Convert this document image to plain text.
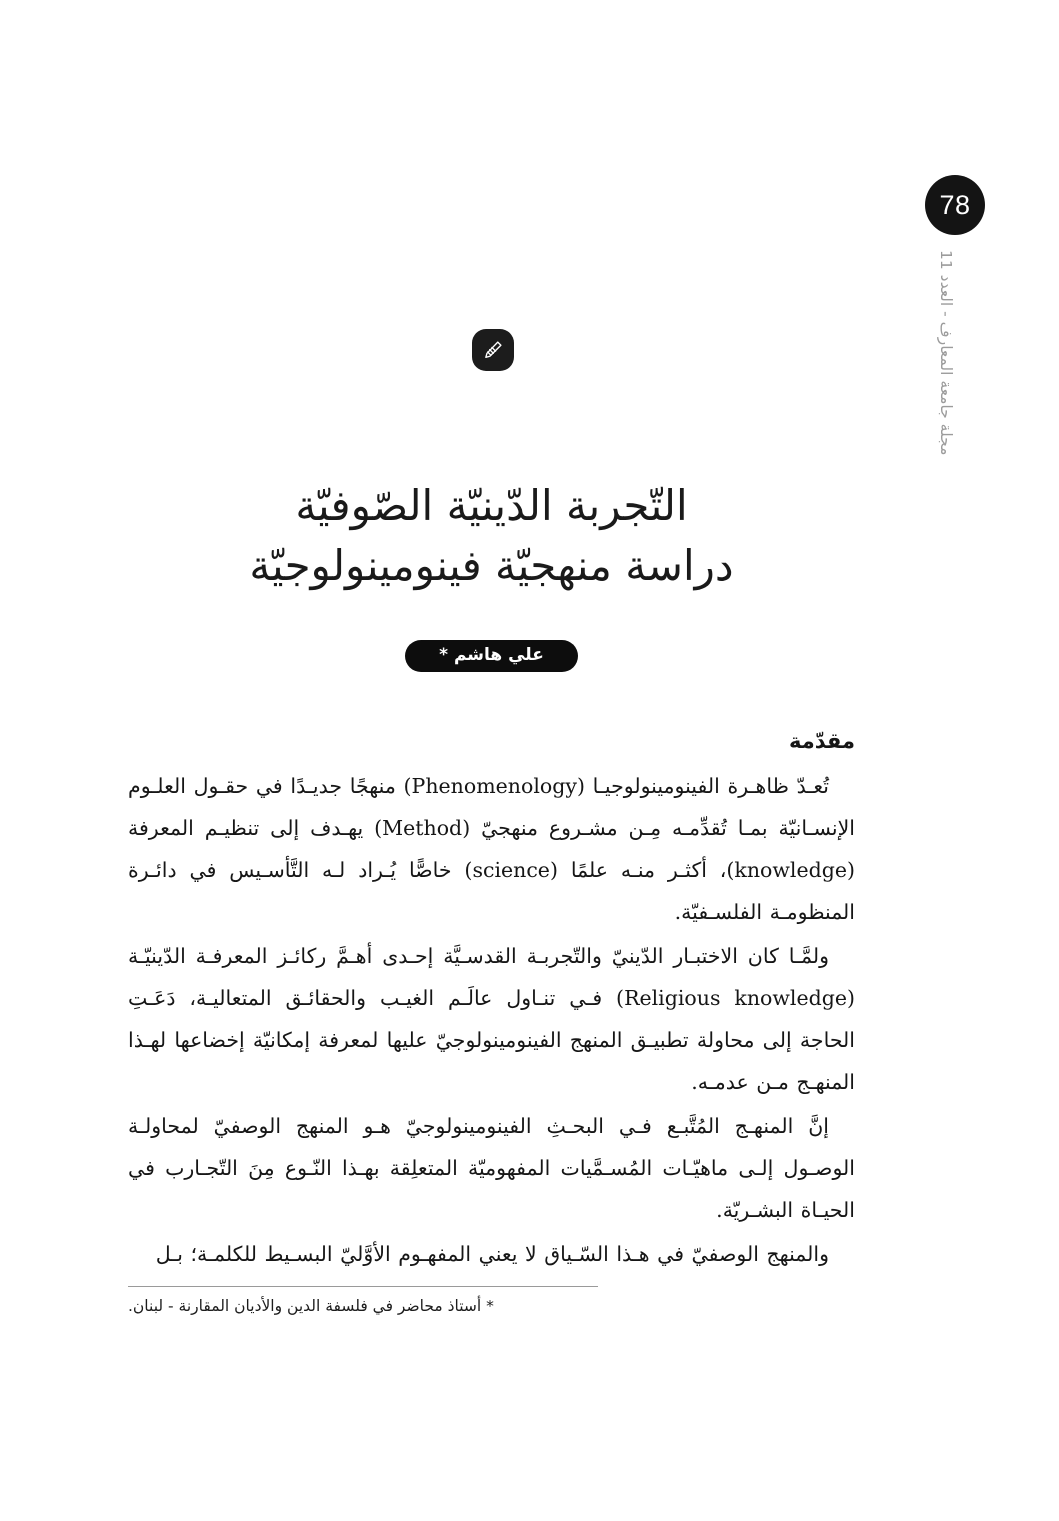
78
مجلة جامعة المعارف - العدد 11
التّجربة الدّينيّة الصّوفيّة
دراسة منهجيّة فينومينولوجيّة
علي هاشم *
مقدّمة
تُعـدّ ظاهـرة الفينومينولوجيـا (Phenomenology) منهجًا جديـدًا في حقـول العلـوم الإنسـانيّة بمـا تُقدِّمـه مِـن مشـروع منهجيّ (Method) يهـدف إلى تنظيـم المعرفة (knowledge)، أكثـر منـه علمًا (science) خاصًّا يُـراد لـه التَّأسـيس في دائـرة المنظومـة الفلسـفيّة.
ولمَّـا كان الاختبـار الدّينيّ والتّجربـة القدسـيَّة إحـدى أهـمَّ ركائـز المعرفـة الدّينيّـة (Religious knowledge) فـي تنـاول عالَـم الغيـب والحقائـق المتعاليـة، دَعَـتِ الحاجة إلى محاولة تطبيـق المنهج الفينومينولوجيّ عليها لمعرفة إمكانيّة إخضاعها لهـذا المنهـج مـن عدمـه.
إنَّ المنهـج المُتَّبـع فـي البحـثِ الفينومينولوجيّ هـو المنهج الوصفيّ لمحاولـة الوصـول إلـى ماهيّـات المُسـمَّيات المفهوميّة المتعلِقة بهـذا النّـوع مِنَ التّجـارب في الحيـاة البشـريّة.
والمنهج الوصفيّ في هـذا السّـياق لا يعني المفهـوم الأوَّليّ البسـيط للكلمـة؛ بـل
* أستاذ محاضر في فلسفة الدين والأديان المقارنة - لبنان.
